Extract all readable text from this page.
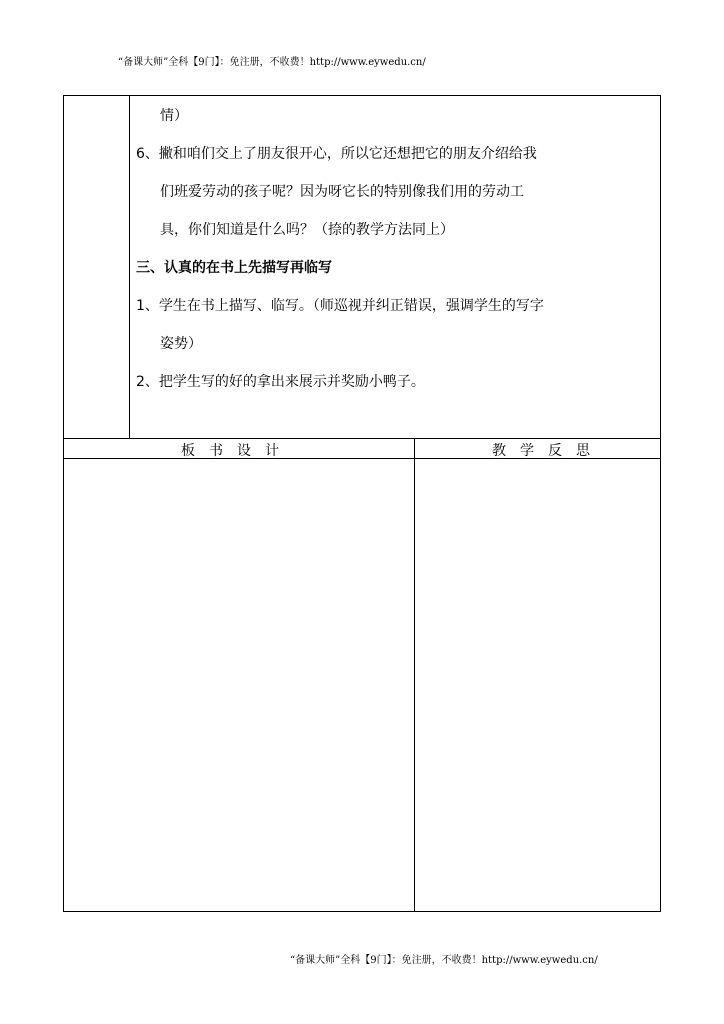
“备课大师”全科【9门】：免注册，不收费！http://www.eywedu.cn/
情）
6、撇和咱们交上了朋友很开心，所以它还想把它的朋友介绍给我
们班爱劳动的孩子呢？因为呀它长的特别像我们用的劳动工
具，你们知道是什么吗？（捺的教学方法同上）
三、认真的在书上先描写再临写
1、学生在书上描写、临写。（师巡视并纠正错误，强调学生的写字
姿势）
2、把学生写的好的拿出来展示并奖励小鸭子。
板书设计	教学反思
“备课大师”全科【9门】：免注册，不收费！http://www.eywedu.cn/
